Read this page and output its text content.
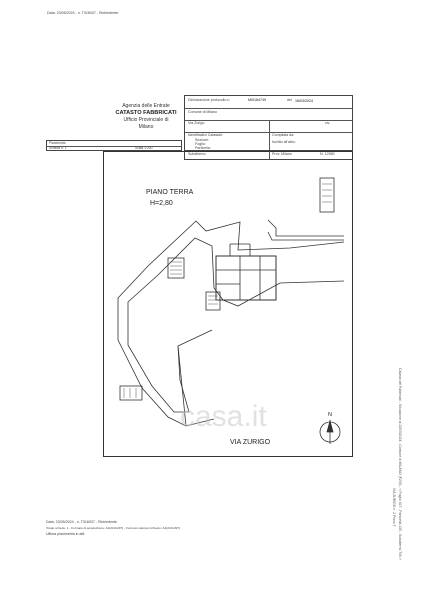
Data: 23/05/2024 - n. T316037 - Richiedente:
Agenzia delle Entrate
CATASTO FABBRICATI
Ufficio Provinciale di
Milano
Dichiarazione protocollo n.	MI0164749	del 18/03/2024
Comune di Milano
Via Zurigo	civ.
Identificativi Catastali:
Sezione:
Foglio:
Particella:
Compilata da:
Iscritto all'albo:
Subalterno:	Prov. Milano	N. 12980
Planimetria
Scheda n. 1	Scala 1:200
casa.it
PIANO TERRA
H=2,80
VIA ZURIGO
N
Data: 23/05/2024 - n. T316037 - Richiedente
Totale schede: 1 - Formato di acquisizione: A4(210x297) - Formato stampa richiesto: A4(210x297)
Ultima planimetria in atti	Catasto dei Fabbricati - Situazione al 23/05/2024 - Comune di MILANO (F205) - < Foglio 417 - Particella 135 - Subalterno 706 >
VIA ZURIGO n. 2 Piano T
